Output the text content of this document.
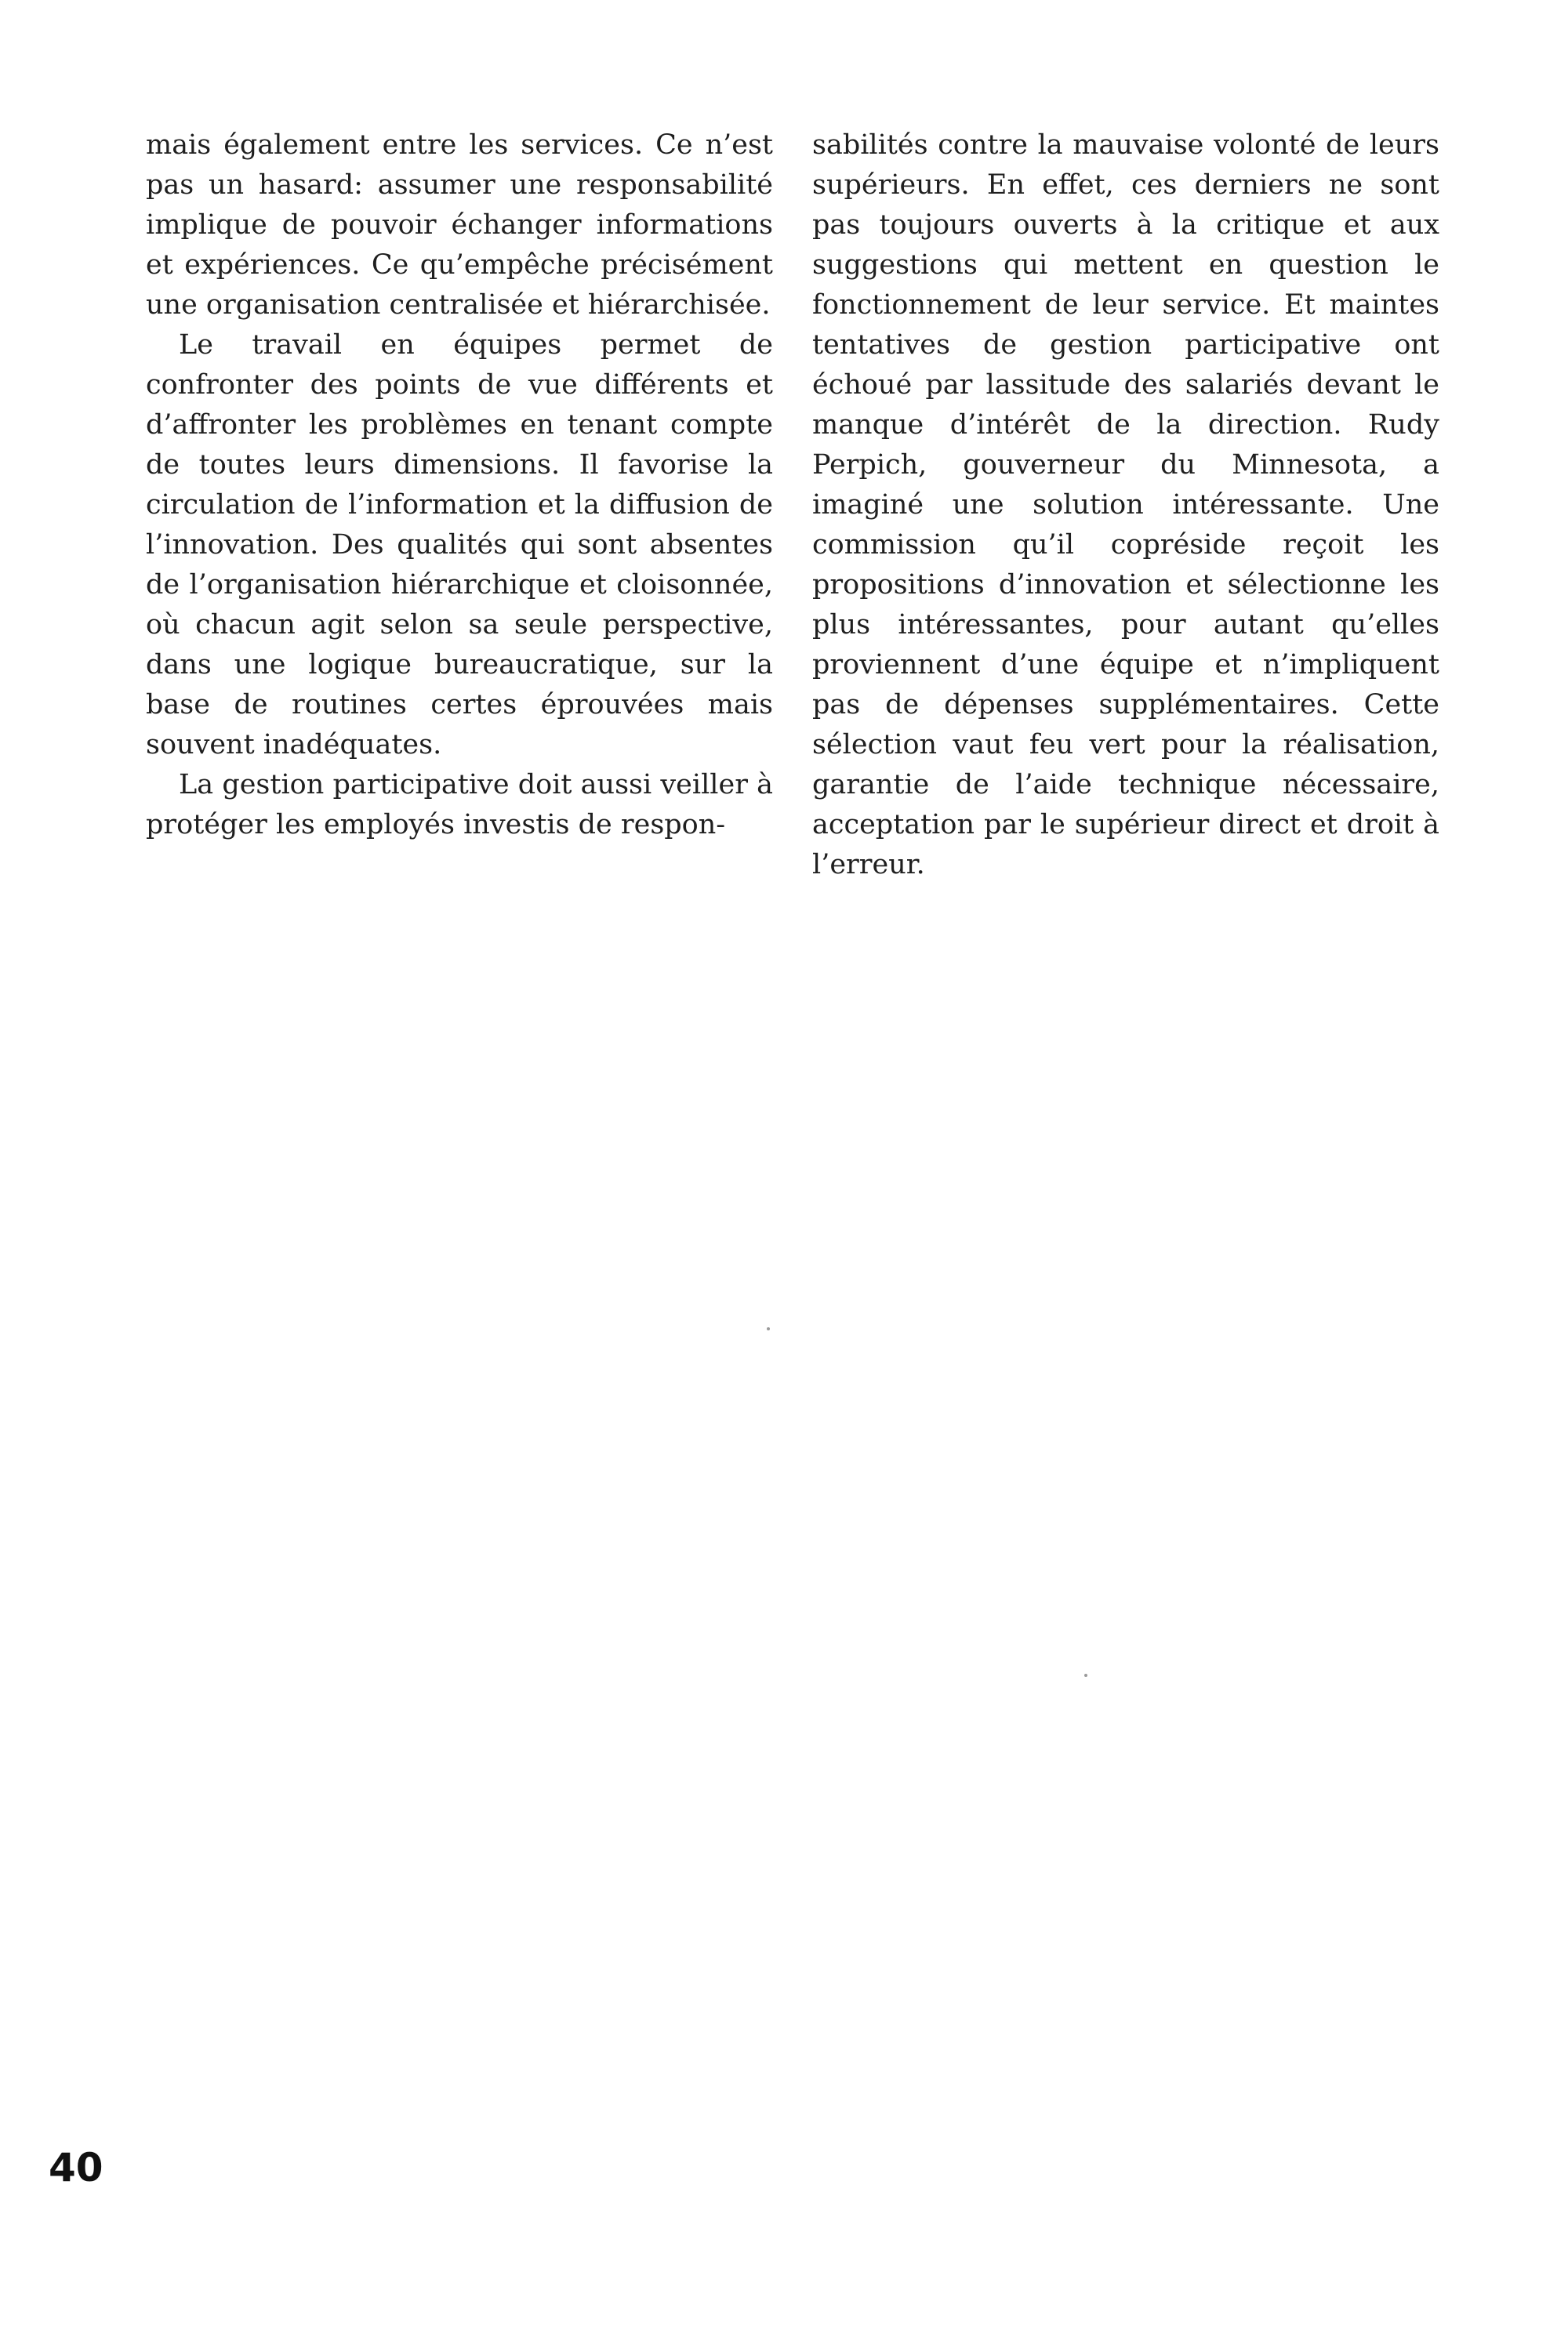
mais également entre les services. Ce n’est pas un hasard: assumer une responsabilité implique de pouvoir échanger informations et expériences. Ce qu’empêche précisément une organisation centralisée et hiérarchisée.

Le travail en équipes permet de confronter des points de vue différents et d’affronter les problèmes en tenant compte de toutes leurs dimensions. Il favorise la circulation de l’information et la diffusion de l’innovation. Des qualités qui sont absentes de l’organisation hiérarchique et cloisonnée, où chacun agit selon sa seule perspective, dans une logique bureaucratique, sur la base de routines certes éprouvées mais souvent inadéquates.

La gestion participative doit aussi veiller à protéger les employés investis de respon-

sabilités contre la mauvaise volonté de leurs supérieurs. En effet, ces derniers ne sont pas toujours ouverts à la critique et aux suggestions qui mettent en question le fonctionnement de leur service. Et maintes tentatives de gestion participative ont échoué par lassitude des salariés devant le manque d’intérêt de la direction. Rudy Perpich, gouverneur du Minnesota, a imaginé une solution intéressante. Une commission qu’il copréside reçoit les propositions d’innovation et sélectionne les plus intéressantes, pour autant qu’elles proviennent d’une équipe et n’impliquent pas de dépenses supplémentaires. Cette sélection vaut feu vert pour la réalisation, garantie de l’aide technique nécessaire, acceptation par le supérieur direct et droit à l’erreur.

40
